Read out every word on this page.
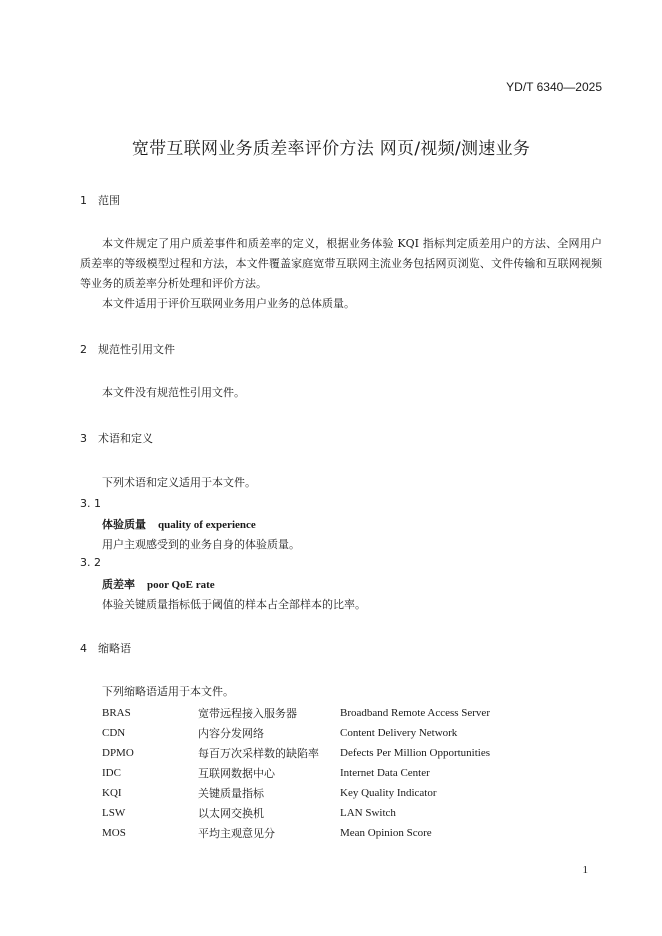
YD/T 6340—2025
宽带互联网业务质差率评价方法 网页/视频/测速业务
1 范围
本文件规定了用户质差事件和质差率的定义，根据业务体验 KQI 指标判定质差用户的方法、全网用户质差率的等级模型过程和方法，本文件覆盖家庭宽带互联网主流业务包括网页浏览、文件传输和互联网视频等业务的质差率分析处理和评价方法。
本文件适用于评价互联网业务用户业务的总体质量。
2 规范性引用文件
本文件没有规范性引用文件。
3 术语和定义
下列术语和定义适用于本文件。
3. 1
体验质量 quality of experience
用户主观感受到的业务自身的体验质量。
3. 2
质差率 poor QoE rate
体验关键质量指标低于阈值的样本占全部样本的比率。
4 缩略语
下列缩略语适用于本文件。
BRAS	宽带远程接入服务器	Broadband Remote Access Server
CDN	内容分发网络	Content Delivery Network
DPMO	每百万次采样数的缺陷率	Defects Per Million Opportunities
IDC	互联网数据中心	Internet Data Center
KQI	关键质量指标	Key Quality Indicator
LSW	以太网交换机	LAN Switch
MOS	平均主观意见分	Mean Opinion Score
1
